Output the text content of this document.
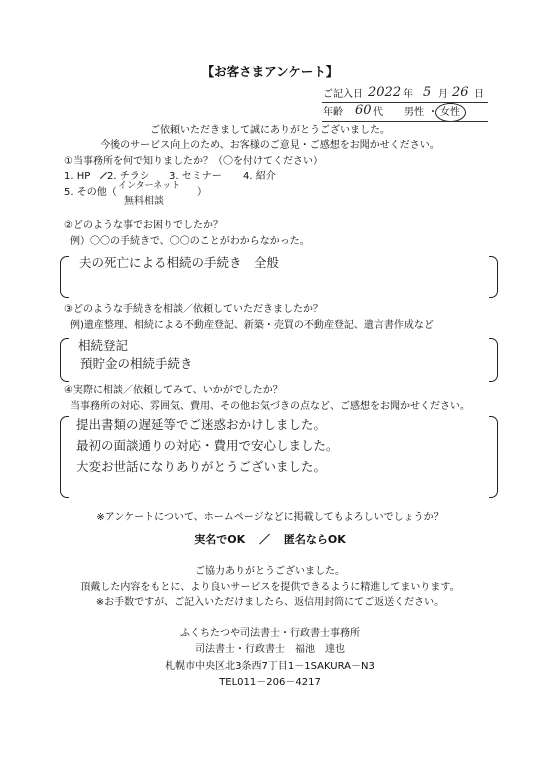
【お客さまアンケート】
ご記入日 2022 年 5 月 26 日
年齢 60 代 男性 ・ 女性
ご依頼いただきまして誠にありがとうございました。
今後のサービス向上のため、お客様のご意見・ご感想をお聞かせください。
①当事務所を何で知りましたか？（〇を付けてください）
1. HP 2. チラシ 3. セミナー 4. 紹介
5. その他（
インターネット
無料相談
）
②どのような事でお困りでしたか？
例）〇〇の手続きで、〇〇のことがわからなかった。
夫の死亡による相続の手続き　全般
③どのような手続きを相談／依頼していただきましたか？
例)遺産整理、相続による不動産登記、新築・売買の不動産登記、遺言書作成など
相続登記
預貯金の相続手続き
④実際に相談／依頼してみて、いかがでしたか？
当事務所の対応、雰囲気、費用、その他お気づきの点など、ご感想をお聞かせください。
提出書類の遅延等でご迷惑おかけしました。
最初の面談通りの対応・費用で安心しました。
大変お世話になりありがとうございました。
※アンケートについて、ホームページなどに掲載してもよろしいでしょうか？
実名でOK ／ 匿名ならOK
ご協力ありがとうございました。
頂戴した内容をもとに、より良いサービスを提供できるように精進してまいります。
※お手数ですが、ご記入いただけましたら、返信用封筒にてご返送ください。
ふくちたつや司法書士・行政書士事務所
司法書士・行政書士　福池　達也
札幌市中央区北3条西7丁目1－1SAKURA－N3
TEL011－206－4217
